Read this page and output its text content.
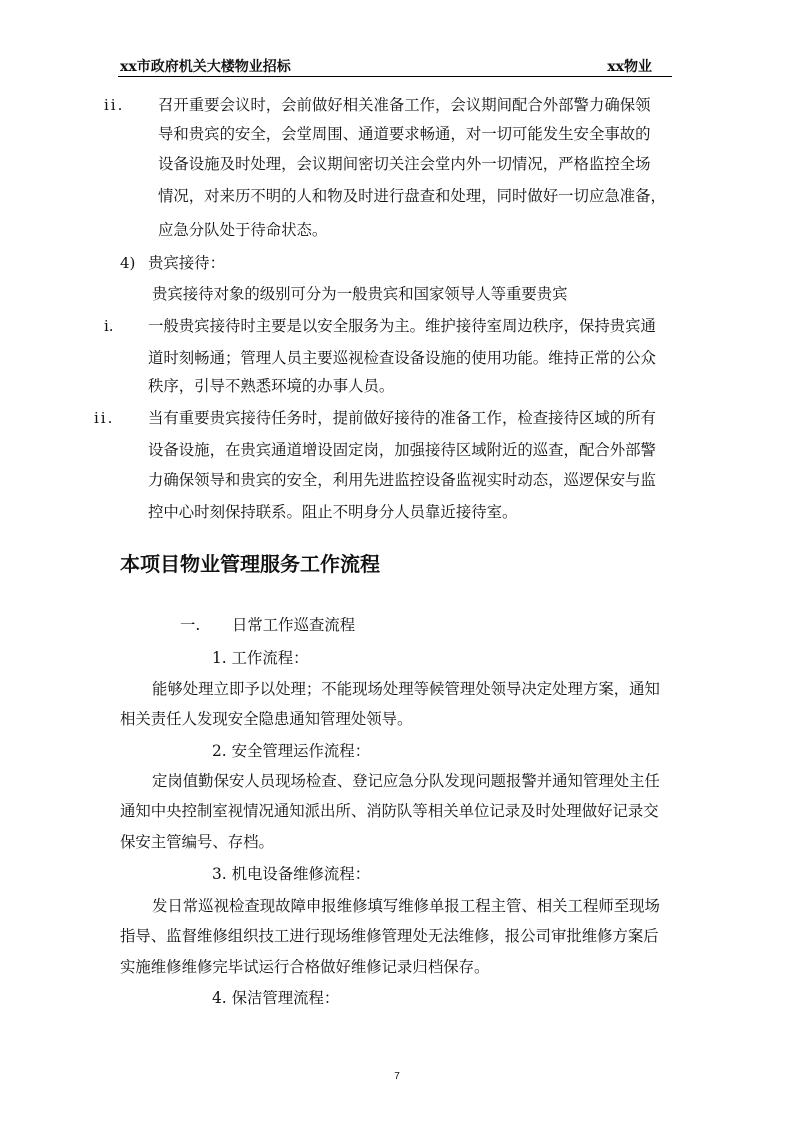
xx市政府机关大楼物业招标	xx物业
ii. 召开重要会议时，会前做好相关准备工作，会议期间配合外部警力确保领
导和贵宾的安全，会堂周围、通道要求畅通，对一切可能发生安全事故的
设备设施及时处理，会议期间密切关注会堂内外一切情况，严格监控全场
情况，对来历不明的人和物及时进行盘查和处理，同时做好一切应急准备，
应急分队处于待命状态。
4) 贵宾接待：
贵宾接待对象的级别可分为一般贵宾和国家领导人等重要贵宾
i. 一般贵宾接待时主要是以安全服务为主。维护接待室周边秩序，保持贵宾通
道时刻畅通；管理人员主要巡视检查设备设施的使用功能。维持正常的公众
秩序，引导不熟悉环境的办事人员。
ii. 当有重要贵宾接待任务时，提前做好接待的准备工作，检查接待区域的所有
设备设施，在贵宾通道增设固定岗，加强接待区域附近的巡查，配合外部警
力确保领导和贵宾的安全，利用先进监控设备监视实时动态，巡逻保安与监
控中心时刻保持联系。阻止不明身分人员靠近接待室。
本项目物业管理服务工作流程
一. 日常工作巡查流程
1. 工作流程：
能够处理立即予以处理；不能现场处理等候管理处领导决定处理方案，通知
相关责任人发现安全隐患通知管理处领导。
2. 安全管理运作流程：
定岗值勤保安人员现场检查、登记应急分队发现问题报警并通知管理处主任
通知中央控制室视情况通知派出所、消防队等相关单位记录及时处理做好记录交
保安主管编号、存档。
3. 机电设备维修流程：
发日常巡视检查现故障申报维修填写维修单报工程主管、相关工程师至现场
指导、监督维修组织技工进行现场维修管理处无法维修，报公司审批维修方案后
实施维修维修完毕试运行合格做好维修记录归档保存。
4. 保洁管理流程：
7
